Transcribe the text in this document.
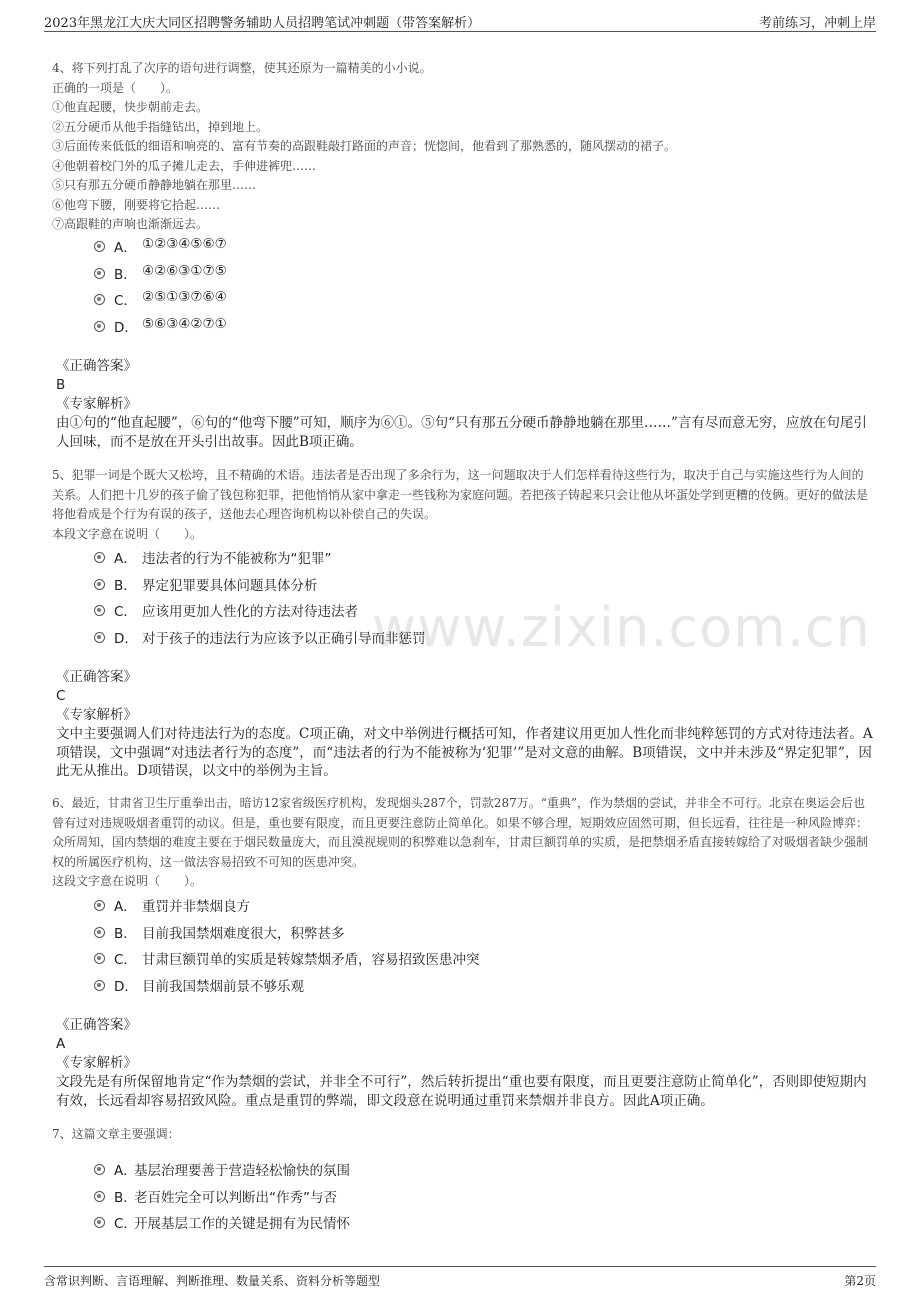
2023年黑龙江大庆大同区招聘警务辅助人员招聘笔试冲刺题（带答案解析）	考前练习，冲刺上岸
www.zixin.com.cn

4、将下列打乱了次序的语句进行调整，使其还原为一篇精美的小小说。

正确的一项是（　　）。

①他直起腰，快步朝前走去。

②五分硬币从他手指缝钻出，掉到地上。

③后面传来低低的细语和响亮的、富有节奏的高跟鞋敲打路面的声音；恍惚间，他看到了那熟悉的，随风摆动的裙子。

④他朝着校门外的瓜子摊儿走去，手伸进裤兜……

⑤只有那五分硬币静静地躺在那里……

⑥他弯下腰，刚要将它拾起……

⑦高跟鞋的声响也渐渐远去。

A． ①②③④⑤⑥⑦
B． ④②⑥③①⑦⑤
C． ②⑤①③⑦⑥④
D． ⑤⑥③④②⑦①
《正确答案》
B
《专家解析》
由①句的“他直起腰”，⑥句的“他弯下腰”可知，顺序为⑥①。⑤句“只有那五分硬币静静地躺在那里……”言有尽而意无穷，应放在句尾引人回味，而不是放在开头引出故事。因此B项正确。

5、犯罪一词是个既大又松垮，且不精确的术语。违法者是否出现了多余行为，这一问题取决于人们怎样看待这些行为，取决于自己与实施这些行为人间的关系。人们把十几岁的孩子偷了钱包称犯罪，把他悄悄从家中拿走一些钱称为家庭问题。若把孩子铸起来只会让他从坏蛋处学到更糟的伎俩。更好的做法是将他看成是个行为有误的孩子，送他去心理咨询机构以补偿自己的失误。

本段文字意在说明（　　）。

A． 违法者的行为不能被称为“犯罪”
B． 界定犯罪要具体问题具体分析
C． 应该用更加人性化的方法对待违法者
D． 对于孩子的违法行为应该予以正确引导而非惩罚
《正确答案》
C
《专家解析》
文中主要强调人们对待违法行为的态度。C项正确，对文中举例进行概括可知，作者建议用更加人性化而非纯粹惩罚的方式对待违法者。A项错误，文中强调“对违法者行为的态度”，而“违法者的行为不能被称为‘犯罪’”是对文意的曲解。B项错误，文中并未涉及“界定犯罪”，因此无从推出。D项错误，以文中的举例为主旨。

6、最近，甘肃省卫生厅重拳出击，暗访12家省级医疗机构，发现烟头287个，罚款287万。“重典”，作为禁烟的尝试，并非全不可行。北京在奥运会后也曾有过对违规吸烟者重罚的动议。但是，重也要有限度，而且更要注意防止简单化。如果不够合理，短期效应固然可期，但长远看，往往是一种风险博弈：众所周知，国内禁烟的难度主要在于烟民数量庞大，而且漠视规则的积弊难以急刹车，甘肃巨额罚单的实质，是把禁烟矛盾直接转嫁给了对吸烟者缺少强制权的所属医疗机构，这一做法容易招致不可知的医患冲突。

这段文字意在说明（　　）。

A． 重罚并非禁烟良方
B． 目前我国禁烟难度很大，积弊甚多
C． 甘肃巨额罚单的实质是转嫁禁烟矛盾，容易招致医患冲突
D． 目前我国禁烟前景不够乐观
《正确答案》
A
《专家解析》
文段先是有所保留地肯定“作为禁烟的尝试，并非全不可行”，然后转折提出“重也要有限度，而且更要注意防止简单化”，否则即使短期内有效，长远看却容易招致风险。重点是重罚的弊端，即文段意在说明通过重罚来禁烟并非良方。因此A项正确。

7、这篇文章主要强调：

A．
基层治理要善于营造轻松愉快的氛围
B．
老百姓完全可以判断出“作秀”与否
C．
开展基层工作的关键是拥有为民情怀
含常识判断、言语理解、判断推理、数量关系、资料分析等题型	第2页
